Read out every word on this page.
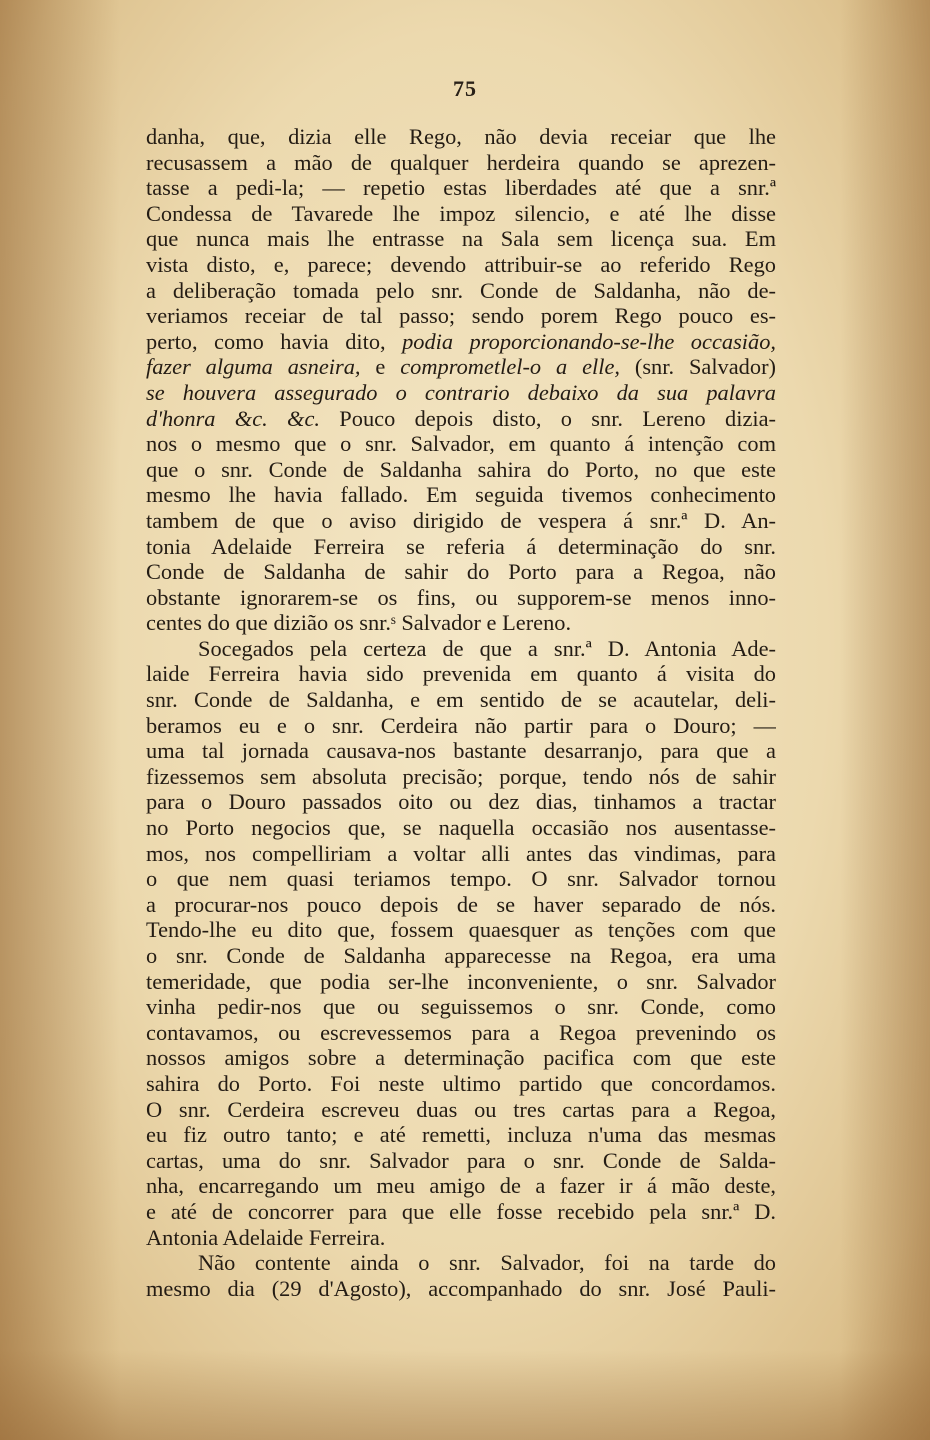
75
danha, que, dizia elle Rego, não devia receiar que lhe
recusassem a mão de qualquer herdeira quando se aprezen-
tasse a pedi-la; — repetio estas liberdades até que a snr.ª
Condessa de Tavarede lhe impoz silencio, e até lhe disse
que nunca mais lhe entrasse na Sala sem licença sua. Em
vista disto, e, parece; devendo attribuir-se ao referido Rego
a deliberação tomada pelo snr. Conde de Saldanha, não de-
veriamos receiar de tal passo; sendo porem Rego pouco es-
perto, como havia dito, podia proporcionando-se-lhe occasião,
fazer alguma asneira, e comprometlel-o a elle, (snr. Salvador)
se houvera assegurado o contrario debaixo da sua palavra
d'honra &c. &c. Pouco depois disto, o snr. Lereno dizia-
nos o mesmo que o snr. Salvador, em quanto á intenção com
que o snr. Conde de Saldanha sahira do Porto, no que este
mesmo lhe havia fallado. Em seguida tivemos conhecimento
tambem de que o aviso dirigido de vespera á snr.ª D. An-
tonia Adelaide Ferreira se referia á determinação do snr.
Conde de Saldanha de sahir do Porto para a Regoa, não
obstante ignorarem-se os fins, ou supporem-se menos inno-
centes do que dizião os snr.ˢ Salvador e Lereno.
Socegados pela certeza de que a snr.ª D. Antonia Ade-
laide Ferreira havia sido prevenida em quanto á visita do
snr. Conde de Saldanha, e em sentido de se acautelar, deli-
beramos eu e o snr. Cerdeira não partir para o Douro; —
uma tal jornada causava-nos bastante desarranjo, para que a
fizessemos sem absoluta precisão; porque, tendo nós de sahir
para o Douro passados oito ou dez dias, tinhamos a tractar
no Porto negocios que, se naquella occasião nos ausentasse-
mos, nos compelliriam a voltar alli antes das vindimas, para
o que nem quasi teriamos tempo. O snr. Salvador tornou
a procurar-nos pouco depois de se haver separado de nós.
Tendo-lhe eu dito que, fossem quaesquer as tenções com que
o snr. Conde de Saldanha apparecesse na Regoa, era uma
temeridade, que podia ser-lhe inconveniente, o snr. Salvador
vinha pedir-nos que ou seguissemos o snr. Conde, como
contavamos, ou escrevessemos para a Regoa prevenindo os
nossos amigos sobre a determinação pacifica com que este
sahira do Porto. Foi neste ultimo partido que concordamos.
O snr. Cerdeira escreveu duas ou tres cartas para a Regoa,
eu fiz outro tanto; e até remetti, incluza n'uma das mesmas
cartas, uma do snr. Salvador para o snr. Conde de Salda-
nha, encarregando um meu amigo de a fazer ir á mão deste,
e até de concorrer para que elle fosse recebido pela snr.ª D.
Antonia Adelaide Ferreira.
Não contente ainda o snr. Salvador, foi na tarde do
mesmo dia (29 d'Agosto), accompanhado do snr. José Pauli-
